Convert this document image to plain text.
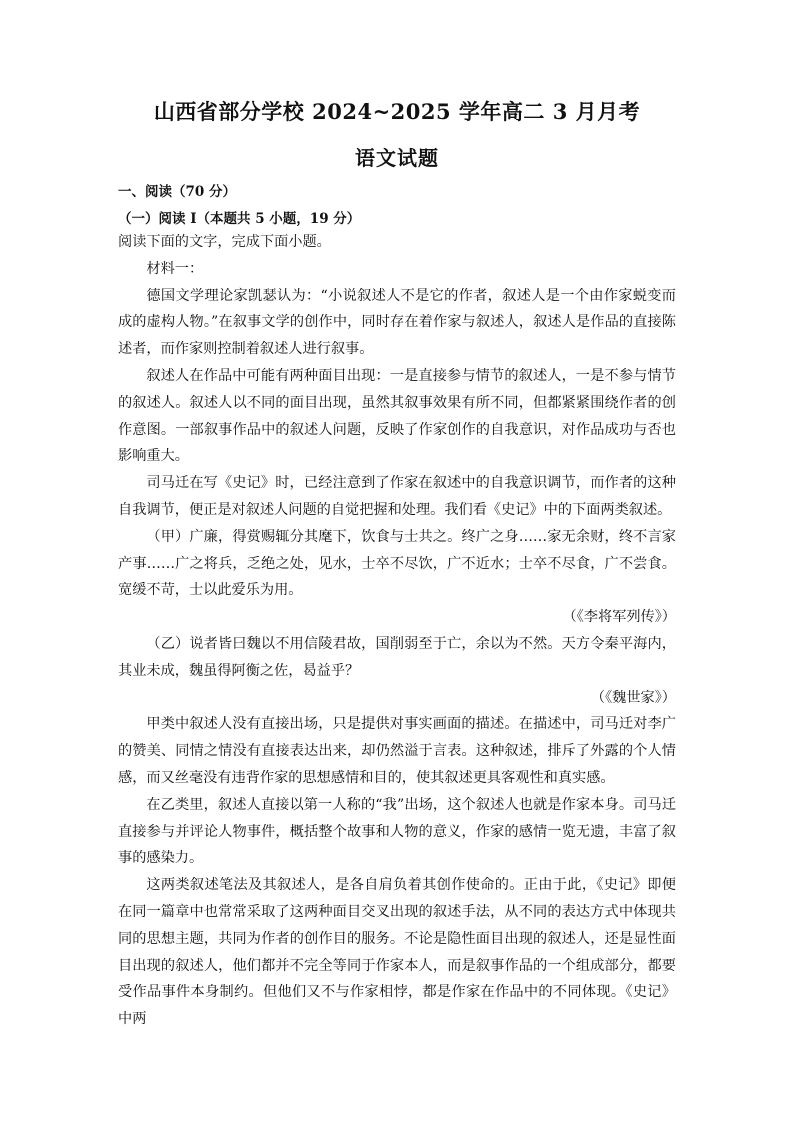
山西省部分学校 2024~2025 学年高二 3 月月考
语文试题
一、阅读（70 分）
（一）阅读 I（本题共 5 小题，19 分）

阅读下面的文字，完成下面小题。

材料一：

德国文学理论家凯瑟认为：“小说叙述人不是它的作者，叙述人是一个由作家蜕变而成的虚构人物。”在叙事文学的创作中，同时存在着作家与叙述人，叙述人是作品的直接陈述者，而作家则控制着叙述人进行叙事。

叙述人在作品中可能有两种面目出现：一是直接参与情节的叙述人，一是不参与情节的叙述人。叙述人以不同的面目出现，虽然其叙事效果有所不同，但都紧紧围绕作者的创作意图。一部叙事作品中的叙述人问题，反映了作家创作的自我意识，对作品成功与否也影响重大。

司马迁在写《史记》时，已经注意到了作家在叙述中的自我意识调节，而作者的这种自我调节，便正是对叙述人问题的自觉把握和处理。我们看《史记》中的下面两类叙述。

（甲）广廉，得赏赐辄分其麾下，饮食与士共之。终广之身……家无余财，终不言家产事……广之将兵，乏绝之处，见水，士卒不尽饮，广不近水；士卒不尽食，广不尝食。宽缓不苛，士以此爱乐为用。

（《李将军列传》）

（乙）说者皆曰魏以不用信陵君故，国削弱至于亡，余以为不然。天方令秦平海内，其业未成，魏虽得阿衡之佐，曷益乎？

（《魏世家》）

甲类中叙述人没有直接出场，只是提供对事实画面的描述。在描述中，司马迁对李广的赞美、同情之情没有直接表达出来，却仍然溢于言表。这种叙述，排斥了外露的个人情感，而又丝毫没有违背作家的思想感情和目的，使其叙述更具客观性和真实感。

在乙类里，叙述人直接以第一人称的“我”出场，这个叙述人也就是作家本身。司马迁直接参与并评论人物事件，概括整个故事和人物的意义，作家的感情一览无遗，丰富了叙事的感染力。

这两类叙述笔法及其叙述人，是各自肩负着其创作使命的。正由于此，《史记》即便在同一篇章中也常常采取了这两种面目交叉出现的叙述手法，从不同的表达方式中体现共同的思想主题，共同为作者的创作目的服务。不论是隐性面目出现的叙述人，还是显性面目出现的叙述人，他们都并不完全等同于作家本人，而是叙事作品的一个组成部分，都要受作品事件本身制约。但他们又不与作家相悖，都是作家在作品中的不同体现。《史记》中两
